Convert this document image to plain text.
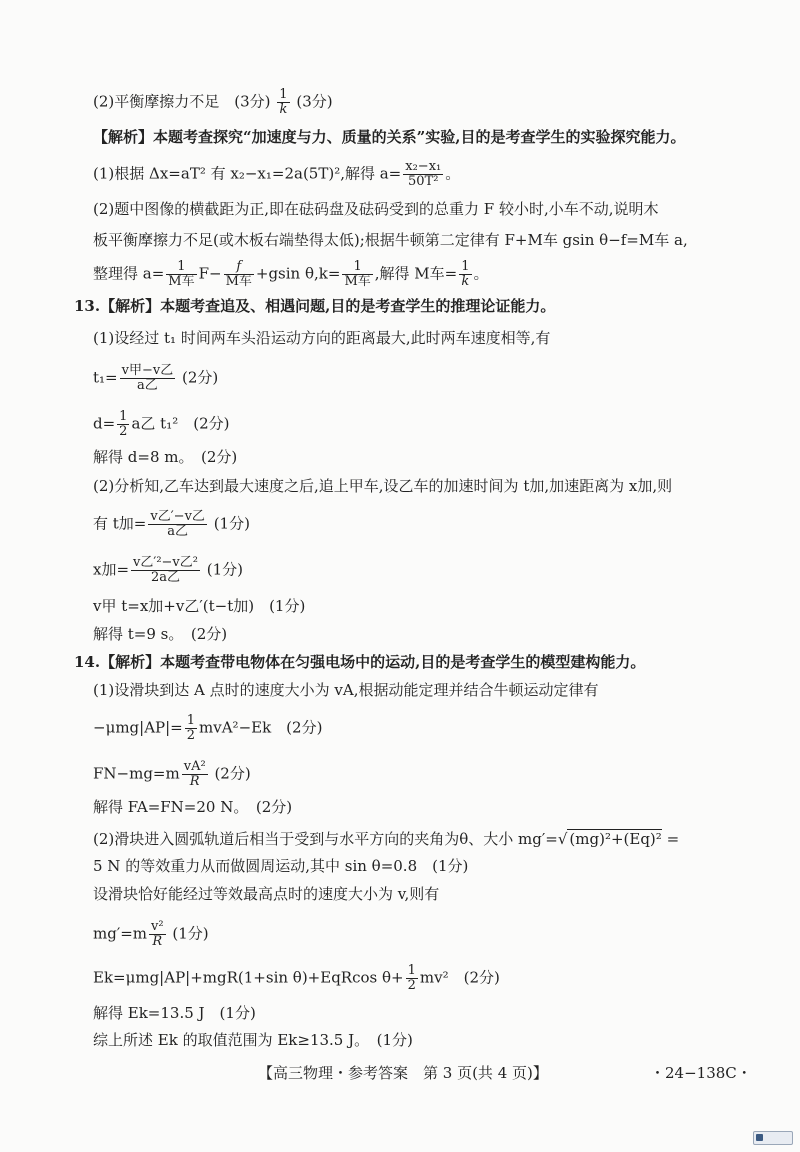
(2)平衡摩擦力不足　(3分) $\frac{1}{k} (3$分)
【解析】本题考查探究“加速度与力、质量的关系”实验,目的是考查学生的实验探究能力。
(1)根据 Δx=aT² 有 x₂−x₁=2a(5T)²,解得 $a= \frac{\text{x₂−x₁}}{\text{50T²}}$ 。
(2)题中图像的横截距为正,即在砝码盘及砝码受到的总重力 F 较小时,小车不动,说明木
板平衡摩擦力不足(或木板右端垫得太低);根据牛顿第二定律有 F+M车 gsin θ−f=M车 a,
整理得 a=	1
M车 F−	f
M车 +gsin θ,k=	1
M车 ,解得 M车= $\frac{1}{k}$ 。
13.【解析】本题考查追及、相遇问题,目的是考查学生的推理论证能力。
(1)设经过 t₁ 时间两车头沿运动方向的距离最大,此时两车速度相等,有
t₁= v甲−v乙
a乙	(2分)
$d= \frac{1}{2}$ a乙 t₁²　(2分)
解得 d=8 m。　(2分)
(2)分析知,乙车达到最大速度之后,追上甲车,设乙车的加速时间为 t加,加速距离为 x加,则
有 t加= v乙′−v乙
a乙	(1分)
x加= v乙′²−v乙²
2a乙	(1分)
v甲 t=x加+v乙′(t−t加)　(1分)
解得 t=9 s。　(2分)
14.【解析】本题考查带电物体在匀强电场中的运动,目的是考查学生的模型建构能力。
(1)设滑块到达 A 点时的速度大小为 vA,根据动能定理并结合牛顿运动定律有
$-\mu mg|AP|= \frac{1}{2} mvA^2-Ek$　(2分)
$FN-mg=m \frac{\text{vA²}}{R} (2$分)
解得 FA=FN=20 N。　(2分)
(2)滑块进入圆弧轨道后相当于受到与水平方向的夹角为θ、大小 mg′=√ (mg)²+(Eq)² =
5 N 的等效重力从而做圆周运动,其中 sin θ=0.8　(1分)
设滑块恰好能经过等效最高点时的速度大小为 v,则有
$mg'=m \frac{\text{v²}}{R} (1$分)
Ek=μmg|AP|+mgR(1+sin θ)+EqRcos $\theta+ \frac{1}{2} mv^2$　(2分)
解得 Ek=13.5 J　(1分)
综上所述 Ek 的取值范围为 Ek≥13.5 J。　(1分)
【高三物理・参考答案　第 3 页(共 4 页)】	・24−138C・
